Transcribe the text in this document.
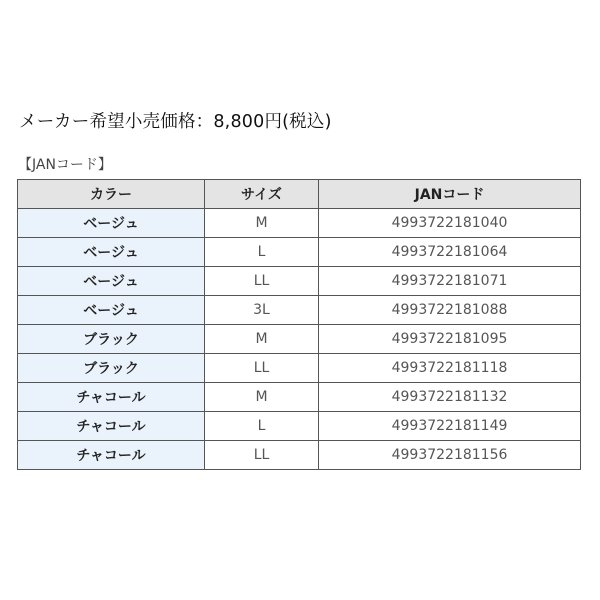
メーカー希望小売価格：8,800円(税込)
【JANコード】
カラー	サイズ	JANコード
ベージュ	M	4993722181040
ベージュ	L	4993722181064
ベージュ	LL	4993722181071
ベージュ	3L	4993722181088
ブラック	M	4993722181095
ブラック	LL	4993722181118
チャコール	M	4993722181132
チャコール	L	4993722181149
チャコール	LL	4993722181156
